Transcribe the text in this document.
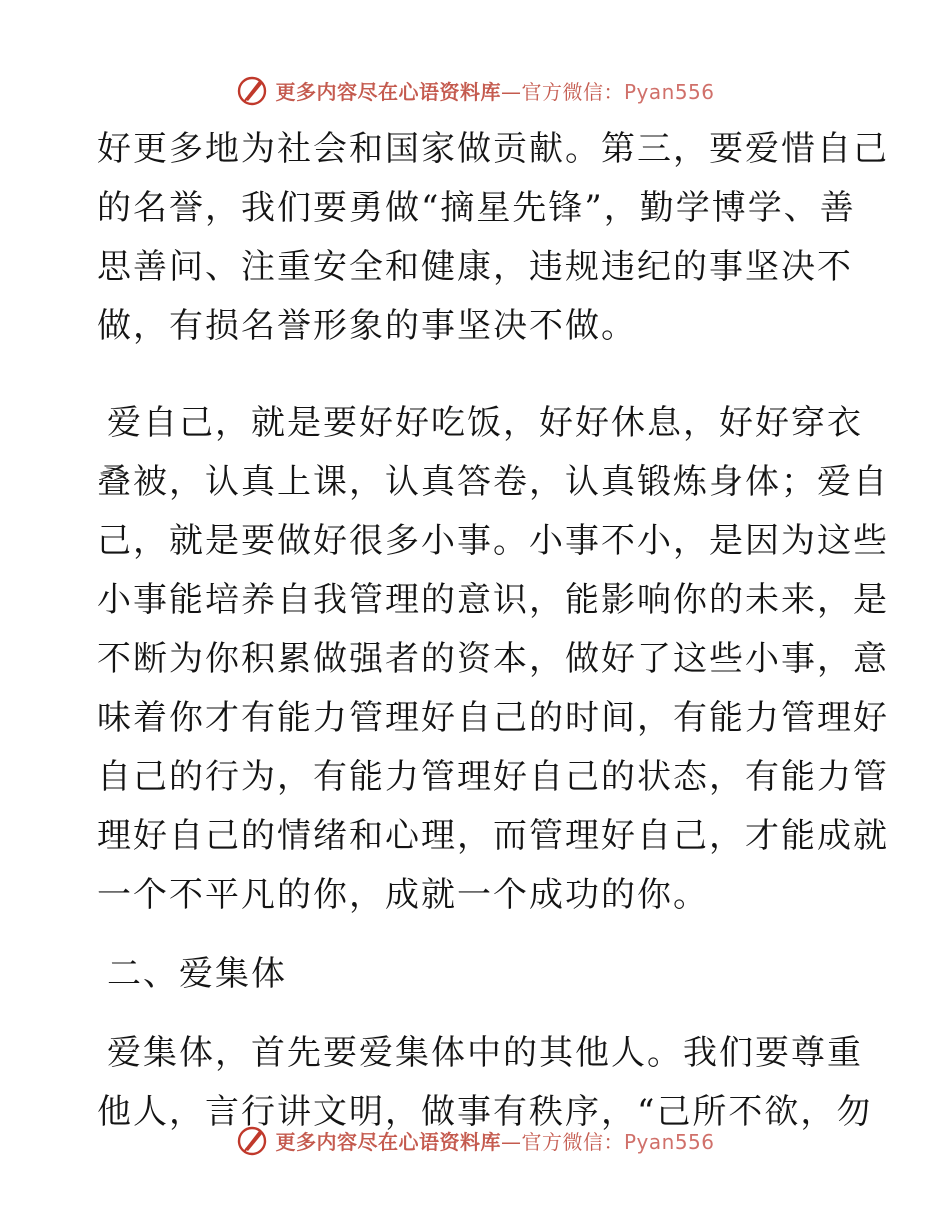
更多内容尽在心语资料库—官方微信：Pyan556
好更多地为社会和国家做贡献。第三，要爱惜自己
的名誉，我们要勇做“摘星先锋”，勤学博学、善
思善问、注重安全和健康，违规违纪的事坚决不
做，有损名誉形象的事坚决不做。
爱自己，就是要好好吃饭，好好休息，好好穿衣
叠被，认真上课，认真答卷，认真锻炼身体；爱自
己，就是要做好很多小事。小事不小，是因为这些
小事能培养自我管理的意识，能影响你的未来，是
不断为你积累做强者的资本，做好了这些小事，意
味着你才有能力管理好自己的时间，有能力管理好
自己的行为，有能力管理好自己的状态，有能力管
理好自己的情绪和心理，而管理好自己，才能成就
一个不平凡的你，成就一个成功的你。
二、爱集体
爱集体，首先要爱集体中的其他人。我们要尊重
他人，言行讲文明，做事有秩序，“己所不欲，勿
更多内容尽在心语资料库—官方微信：Pyan556
